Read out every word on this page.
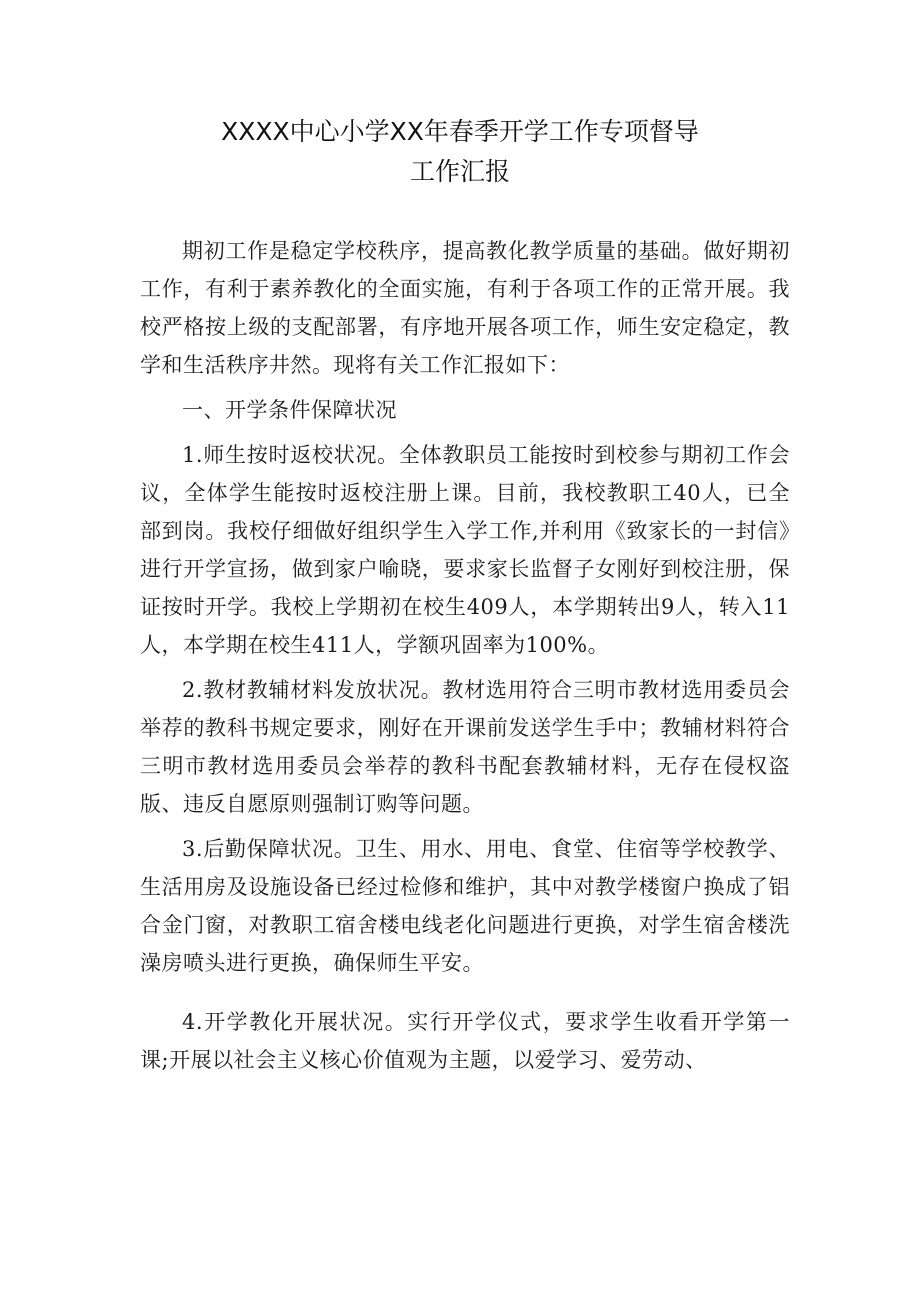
XXXX中心小学XX年春季开学工作专项督导
工作汇报

期初工作是稳定学校秩序，提高教化教学质量的基础。做好期初工作，有利于素养教化的全面实施，有利于各项工作的正常开展。我校严格按上级的支配部署，有序地开展各项工作，师生安定稳定，教学和生活秩序井然。现将有关工作汇报如下：

一、开学条件保障状况

1.师生按时返校状况。全体教职员工能按时到校参与期初工作会议，全体学生能按时返校注册上课。目前，我校教职工40人，已全部到岗。我校仔细做好组织学生入学工作,并利用《致家长的一封信》进行开学宣扬，做到家户喻晓，要求家长监督子女刚好到校注册，保证按时开学。我校上学期初在校生409人，本学期转出9人，转入11人，本学期在校生411人，学额巩固率为100%。

2.教材教辅材料发放状况。教材选用符合三明市教材选用委员会举荐的教科书规定要求，刚好在开课前发送学生手中；教辅材料符合三明市教材选用委员会举荐的教科书配套教辅材料，无存在侵权盗版、违反自愿原则强制订购等问题。

3.后勤保障状况。卫生、用水、用电、食堂、住宿等学校教学、生活用房及设施设备已经过检修和维护，其中对教学楼窗户换成了铝合金门窗，对教职工宿舍楼电线老化问题进行更换，对学生宿舍楼洗澡房喷头进行更换，确保师生平安。

4.开学教化开展状况。实行开学仪式，要求学生收看开学第一课;开展以社会主义核心价值观为主题，以爱学习、爱劳动、
